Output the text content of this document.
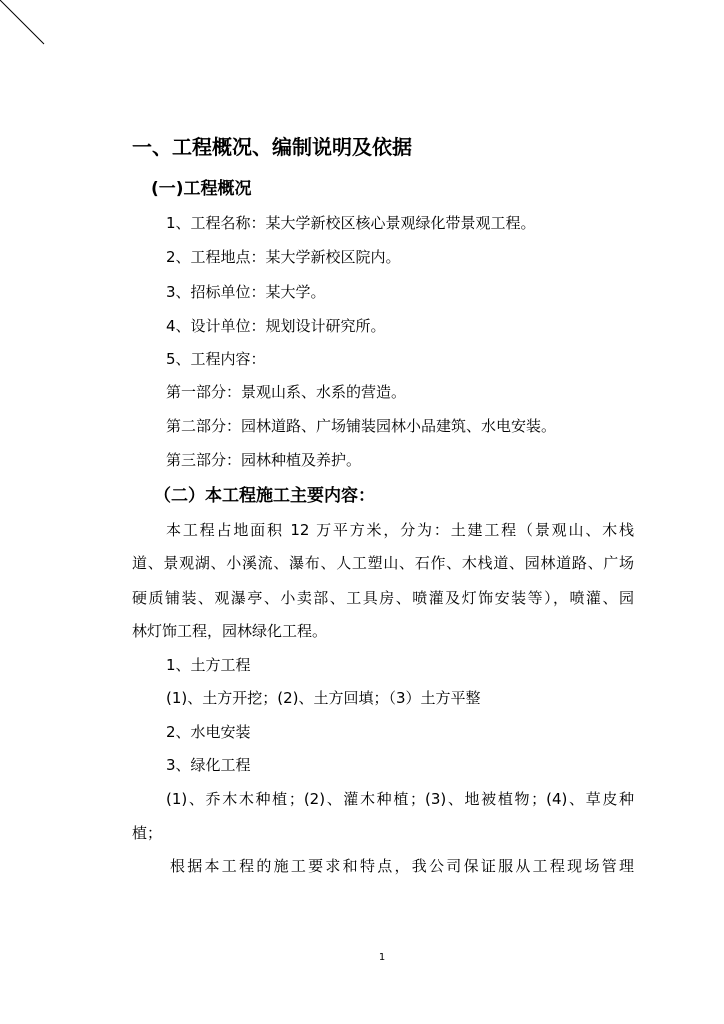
一、工程概况、编制说明及依据
(一)工程概况
1、工程名称：某大学新校区核心景观绿化带景观工程。
2、工程地点：某大学新校区院内。
3、招标单位：某大学。
4、设计单位：规划设计研究所。
5、工程内容：
第一部分：景观山系、水系的营造。
第二部分：园林道路、广场铺装园林小品建筑、水电安装。
第三部分：园林种植及养护。
（二）本工程施工主要内容：
本工程占地面积 12 万平方米，分为：土建工程（景观山、木栈
道、景观湖、小溪流、瀑布、人工塑山、石作、木栈道、园林道路、广场
硬质铺装、观瀑亭、小卖部、工具房、喷灌及灯饰安装等），喷灌、园
林灯饰工程，园林绿化工程。
1、土方工程
(1)、土方开挖；(2)、土方回填；（3）土方平整
2、水电安装
3、绿化工程
(1)、乔木木种植；(2)、灌木种植；(3)、地被植物；(4)、草皮种
植；
根据本工程的施工要求和特点，我公司保证服从工程现场管理
1
